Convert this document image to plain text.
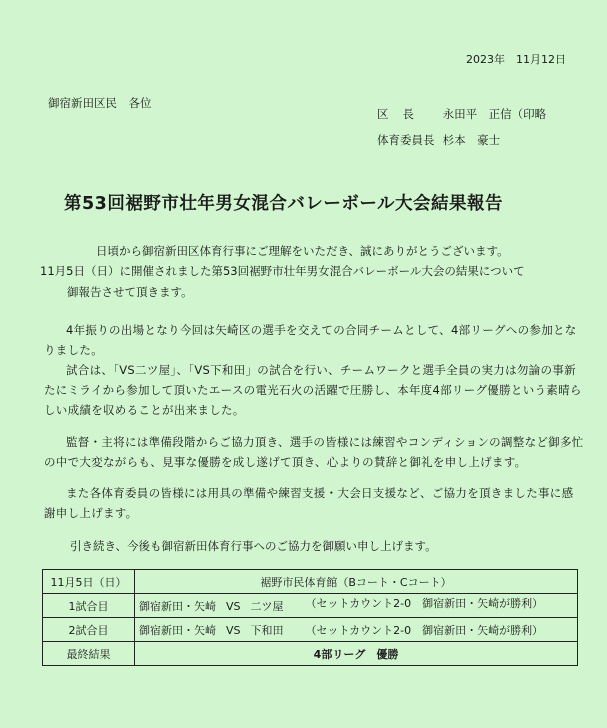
2023年　11月12日
御宿新田区民　各位
区長 永田平　正信（印略
体育委員長 杉本　豪士
第53回裾野市壮年男女混合バレーボール大会結果報告
日頃から御宿新田区体育行事にご理解をいただき、誠にありがとうございます。
11月5日（日）に開催されました第53回裾野市壮年男女混合バレーボール大会の結果について
御報告させて頂きます。
4年振りの出場となり今回は矢崎区の選手を交えての合同チームとして、4部リーグへの参加となりました。
試合は、「VS二ツ屋」、「VS下和田」の試合を行い、チームワークと選手全員の実力は勿論の事新たにミライから参加して頂いたエースの電光石火の活躍で圧勝し、本年度4部リーグ優勝という素晴らしい成績を収めることが出来ました。
監督・主将には準備段階からご協力頂き、選手の皆様には練習やコンディションの調整など御多忙の中で大変ながらも、見事な優勝を成し遂げて頂き、心よりの賛辞と御礼を申し上げます。
また各体育委員の皆様には用具の準備や練習支援・大会日支援など、ご協力を頂きました事に感謝申し上げます。
引き続き、今後も御宿新田体育行事へのご協力を御願い申し上げます。
11月5日（日）	裾野市民体育館（Bコート・Cコート）
1試合目	御宿新田・矢崎 VS 二ツ屋 （セットカウント2-0　御宿新田・矢崎が勝利）
2試合目	御宿新田・矢崎 VS 下和田 （セットカウント2-0　御宿新田・矢崎が勝利）
最終結果	4部リーグ　優勝
